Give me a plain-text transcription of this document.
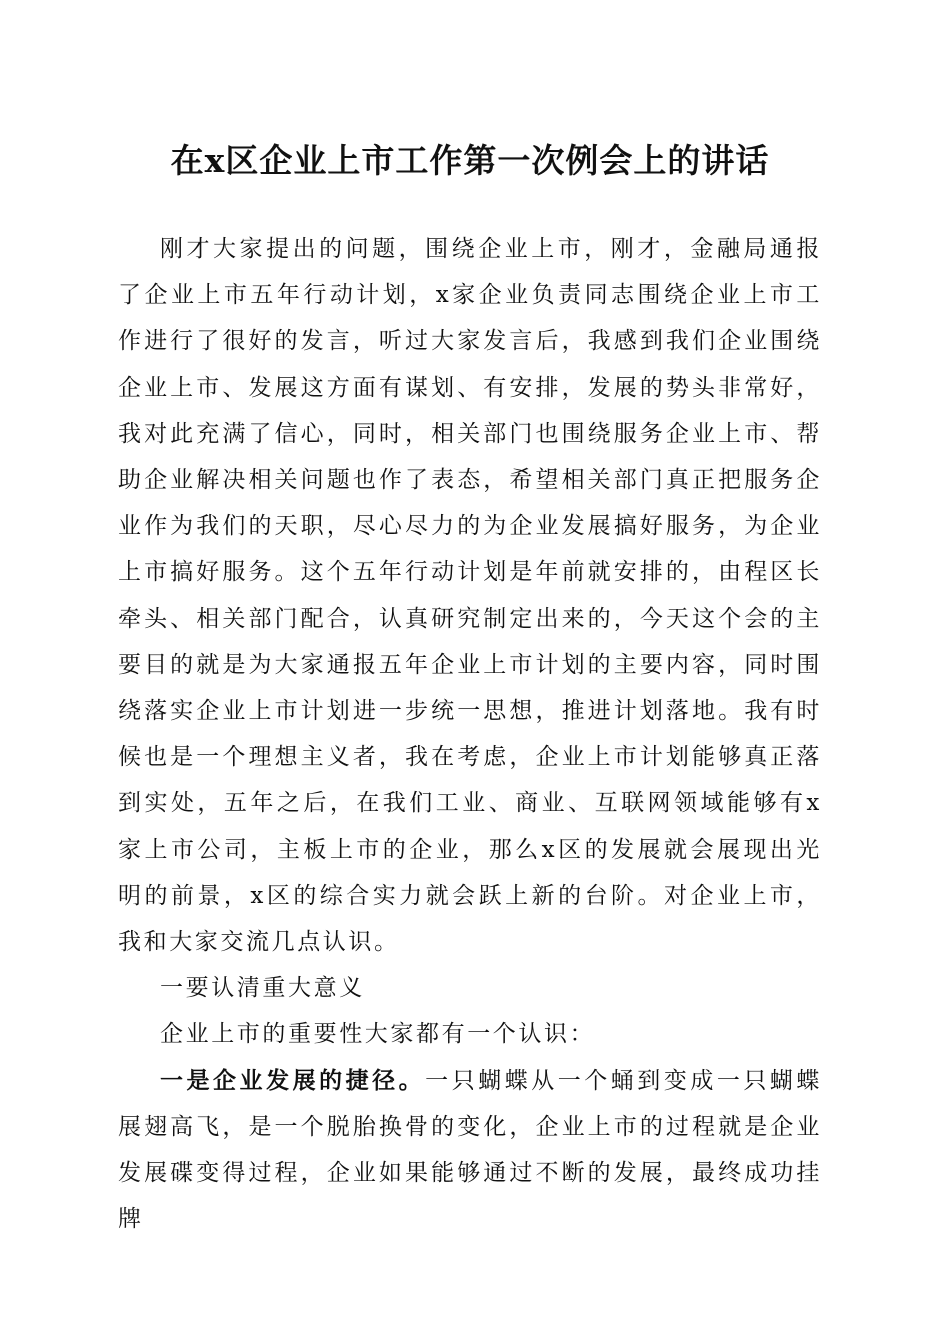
在x区企业上市工作第一次例会上的讲话

刚才大家提出的问题，围绕企业上市，刚才，金融局通报了企业上市五年行动计划，x家企业负责同志围绕企业上市工作进行了很好的发言，听过大家发言后，我感到我们企业围绕企业上市、发展这方面有谋划、有安排，发展的势头非常好，我对此充满了信心，同时，相关部门也围绕服务企业上市、帮助企业解决相关问题也作了表态，希望相关部门真正把服务企业作为我们的天职，尽心尽力的为企业发展搞好服务，为企业上市搞好服务。这个五年行动计划是年前就安排的，由程区长牵头、相关部门配合，认真研究制定出来的，今天这个会的主要目的就是为大家通报五年企业上市计划的主要内容，同时围绕落实企业上市计划进一步统一思想，推进计划落地。我有时候也是一个理想主义者，我在考虑，企业上市计划能够真正落到实处，五年之后，在我们工业、商业、互联网领域能够有x家上市公司，主板上市的企业，那么x区的发展就会展现出光明的前景，x区的综合实力就会跃上新的台阶。对企业上市，我和大家交流几点认识。

一要认清重大意义

企业上市的重要性大家都有一个认识：

一是企业发展的捷径。一只蝴蝶从一个蛹到变成一只蝴蝶展翅高飞，是一个脱胎换骨的变化，企业上市的过程就是企业发展碟变得过程，企业如果能够通过不断的发展，最终成功挂牌
